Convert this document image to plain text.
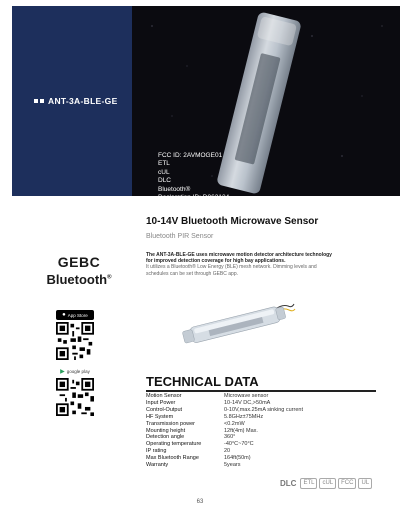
ANT-3A-BLE-GE
FCC ID: 2AVMOGE01
ETL
cUL
DLC
Bluetooth®
Declaration ID: D062134
GEBC
Bluetooth®
● App Store
▶ google play
10-14V Bluetooth Microwave Sensor
Bluetooth PIR Sensor
The ANT-3A-BLE-GE uses microwave motion detector architecture technology for improved detection coverage for high bay applications.
It utilizes a Bluetooth® Low Energy (BLE) mesh network. Dimming levels and schedules can be set through GEBC app.
TECHNICAL DATA
Motion Sensor	Microwave sensor
Input Power	10-14V DC,>50mA
Control-Output	0-10V,max.25mA sinking current
HF System	5.8GHz±75MHz
Transmission power	<0.2mW
Mounting height	12ft(4m) Max.
Detection angle	360°
Operating temperature	-40°C~70°C
IP rating	20
Max Bluetooth Range	164ft(50m)
Warranty	5years
DLC	ETL	cUL	FCC	UL
63
